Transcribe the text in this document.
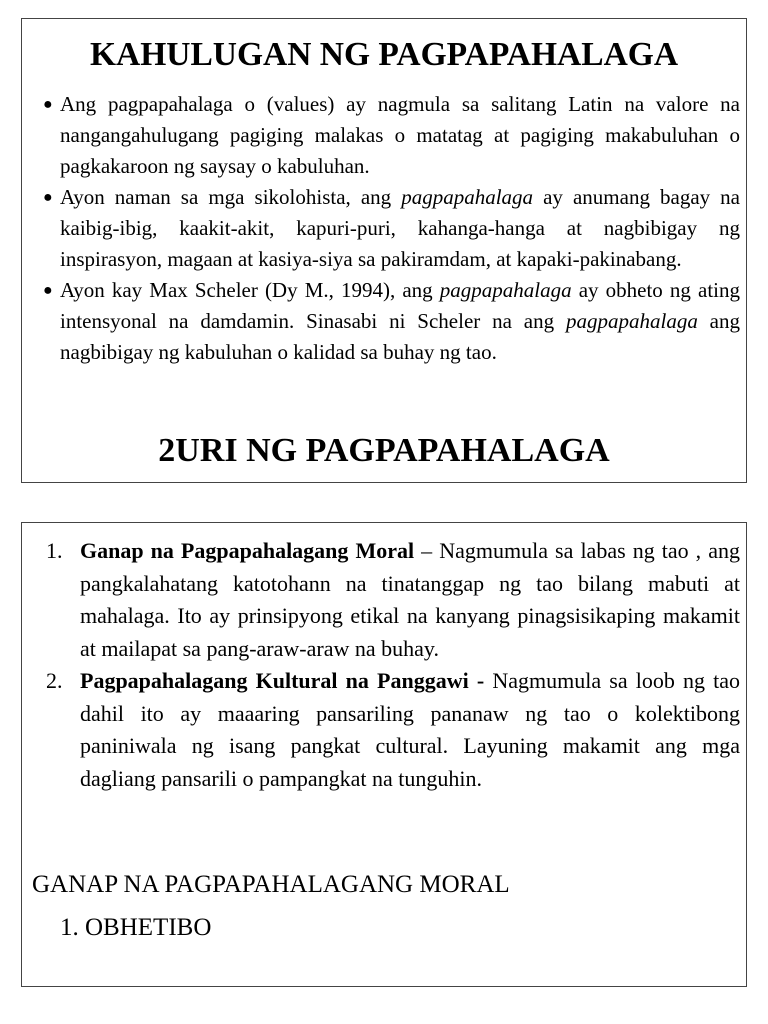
KAHULUGAN NG PAGPAPAHALAGA
● Ang pagpapahalaga o (values) ay nagmula sa salitang Latin na valore na nangangahulugang pagiging malakas o matatag at pagiging makabuluhan o pagkakaroon ng saysay o kabuluhan.
● Ayon naman sa mga sikolohista, ang pagpapahalaga ay anumang bagay na kaibig-ibig, kaakit-akit, kapuri-puri, kahanga-hanga at nagbibigay ng inspirasyon, magaan at kasiya-siya sa pakiramdam, at kapaki-pakinabang.
● Ayon kay Max Scheler (Dy M., 1994), ang pagpapahalaga ay obheto ng ating intensyonal na damdamin. Sinasabi ni Scheler na ang pagpapahalaga ang nagbibigay ng kabuluhan o kalidad sa buhay ng tao.
2URI NG PAGPAPAHALAGA
1. Ganap na Pagpapahalagang Moral – Nagmumula sa labas ng tao , ang pangkalahatang katotohann na tinatanggap ng tao bilang mabuti at mahalaga. Ito ay prinsipyong etikal na kanyang pinagsisikaping makamit at mailapat sa pang-araw-araw na buhay.
2. Pagpapahalagang Kultural na Panggawi - Nagmumula sa loob ng tao dahil ito ay maaaring pansariling pananaw ng tao o kolektibong paniniwala ng isang pangkat cultural. Layuning makamit ang mga dagliang pansarili o pampangkat na tunguhin.
GANAP NA PAGPAPAHALAGANG MORAL
1. OBHETIBO
